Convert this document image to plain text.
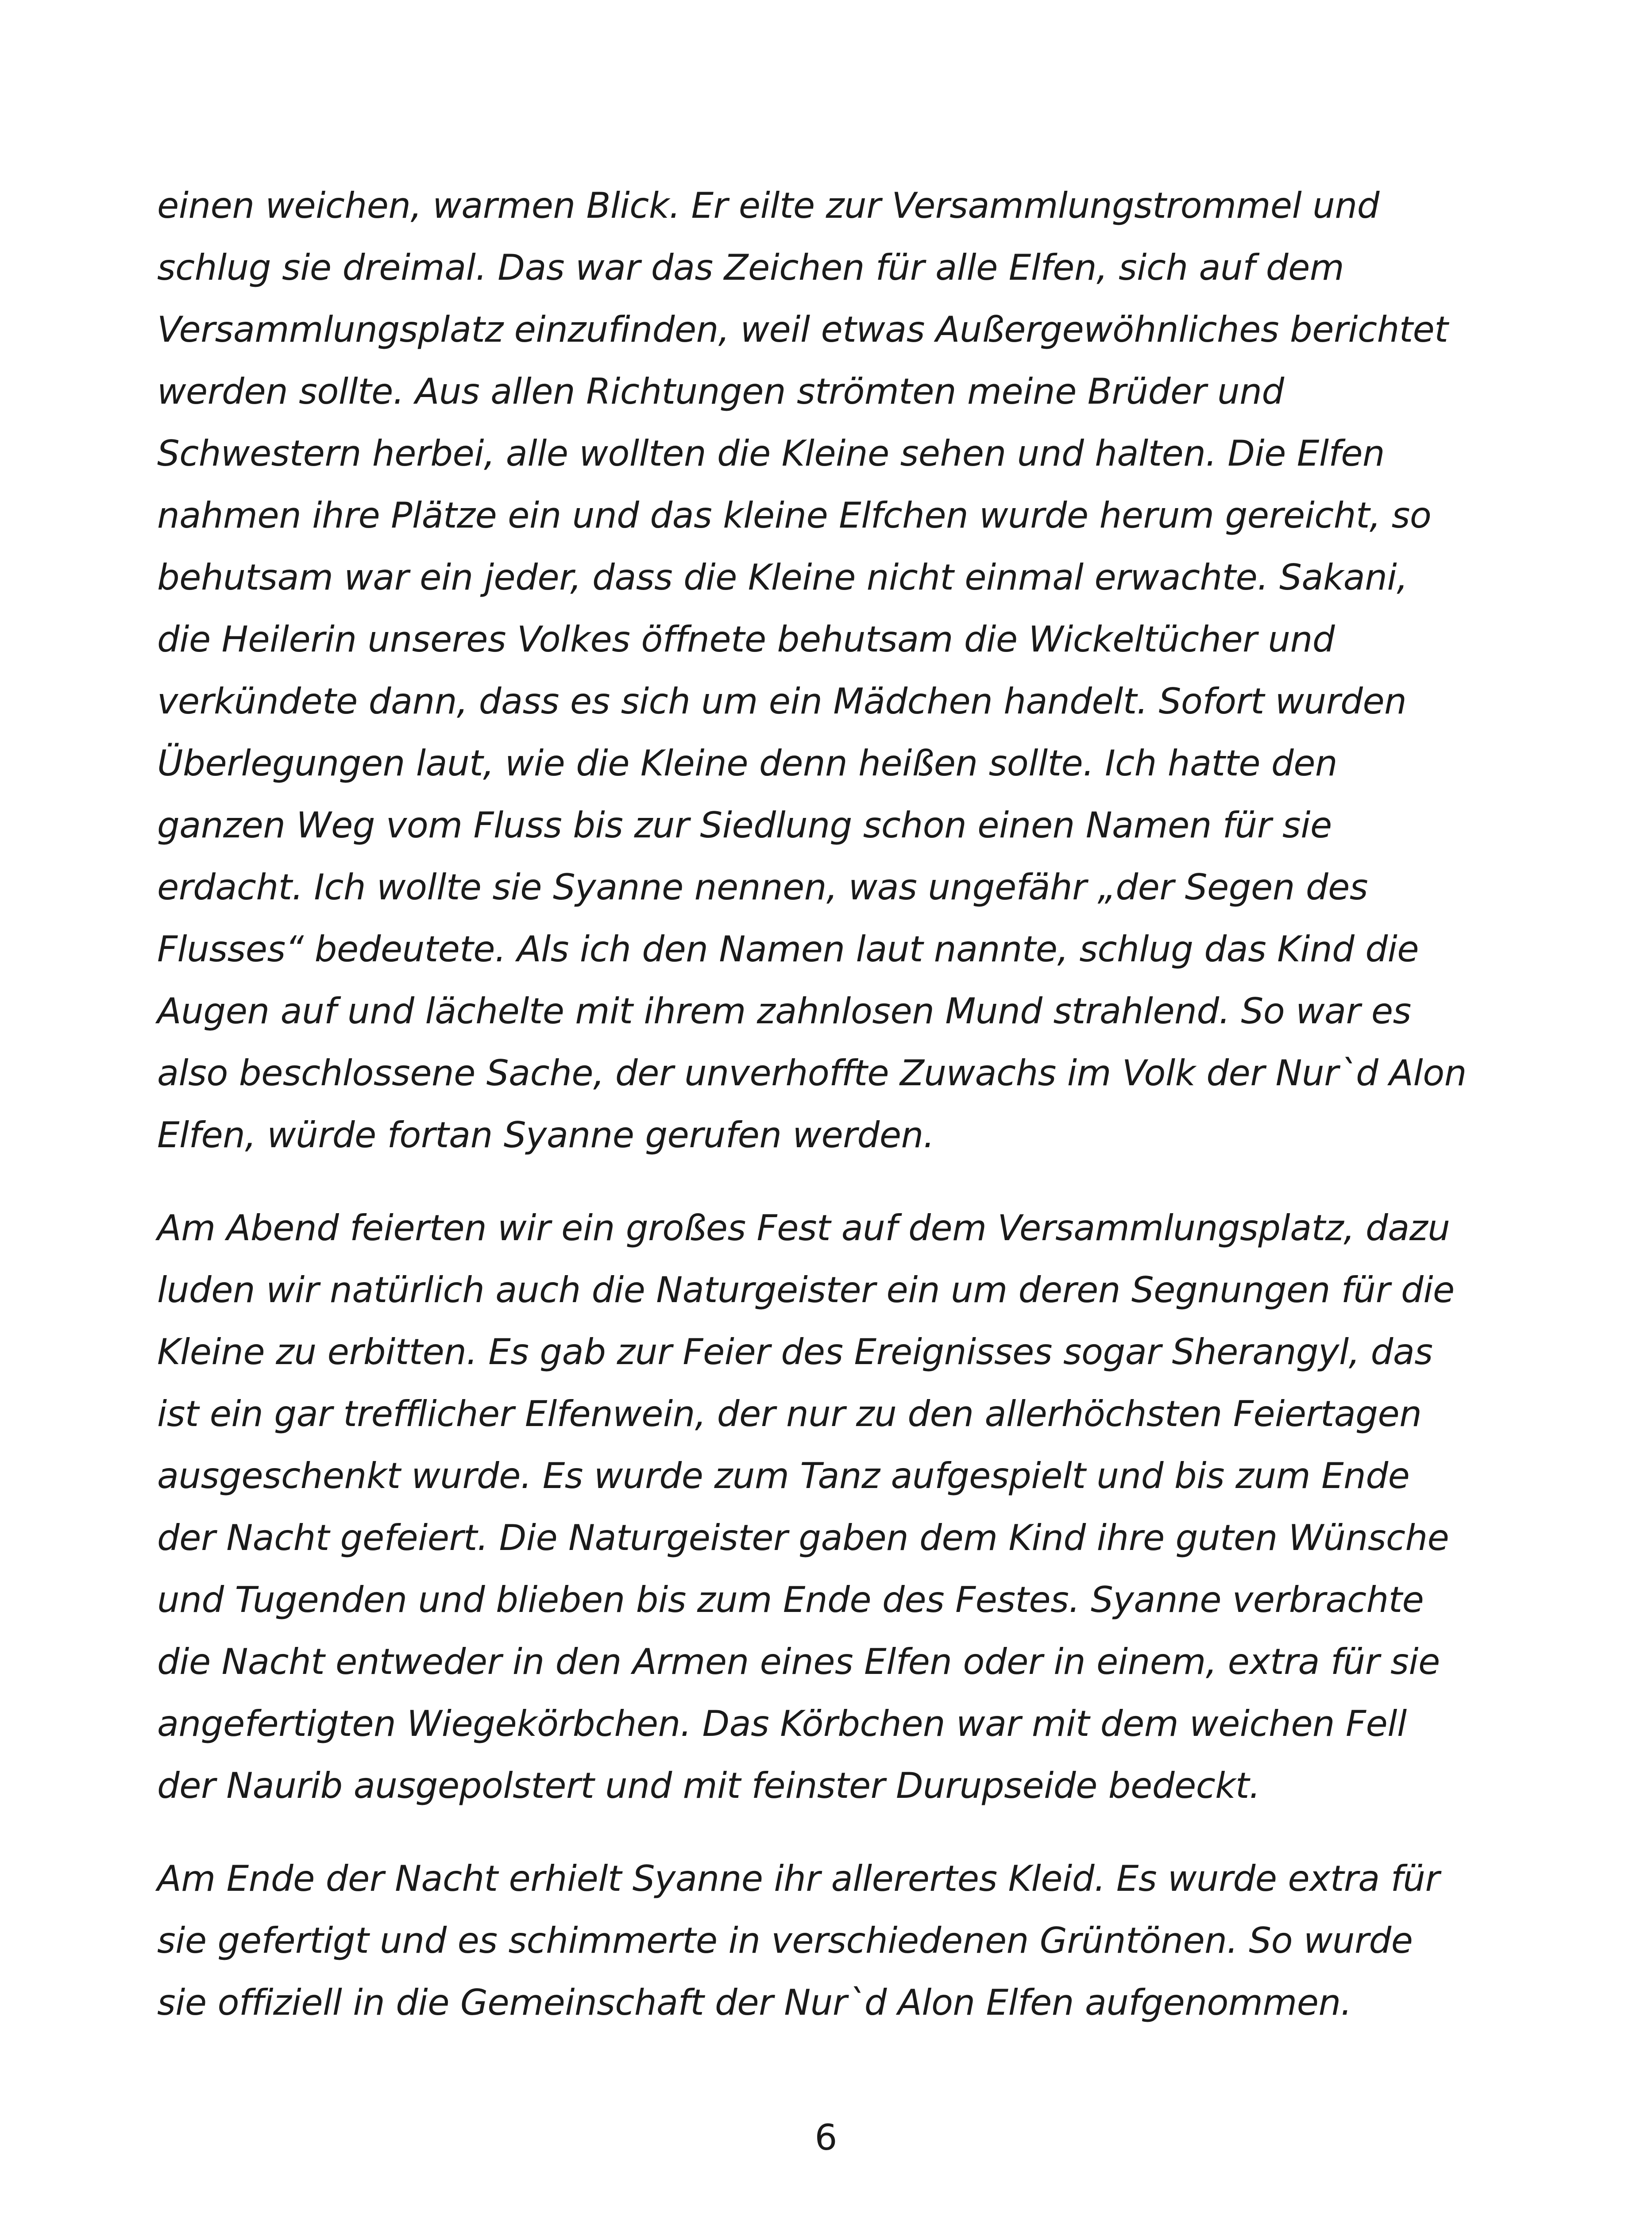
einen weichen, warmen Blick. Er eilte zur Versammlungstrommel und
schlug sie dreimal. Das war das Zeichen für alle Elfen, sich auf dem
Versammlungsplatz einzufinden, weil etwas Außergewöhnliches berichtet
werden sollte. Aus allen Richtungen strömten meine Brüder und
Schwestern herbei, alle wollten die Kleine sehen und halten. Die Elfen
nahmen ihre Plätze ein und das kleine Elfchen wurde herum gereicht, so
behutsam war ein jeder, dass die Kleine nicht einmal erwachte. Sakani,
die Heilerin unseres Volkes öffnete behutsam die Wickeltücher und
verkündete dann, dass es sich um ein Mädchen handelt. Sofort wurden
Überlegungen laut, wie die Kleine denn heißen sollte. Ich hatte den
ganzen Weg vom Fluss bis zur Siedlung schon einen Namen für sie
erdacht. Ich wollte sie Syanne nennen, was ungefähr „der Segen des
Flusses“ bedeutete. Als ich den Namen laut nannte, schlug das Kind die
Augen auf und lächelte mit ihrem zahnlosen Mund strahlend. So war es
also beschlossene Sache, der unverhoffte Zuwachs im Volk der Nur`d Alon
Elfen, würde fortan Syanne gerufen werden.

Am Abend feierten wir ein großes Fest auf dem Versammlungsplatz, dazu
luden wir natürlich auch die Naturgeister ein um deren Segnungen für die
Kleine zu erbitten. Es gab zur Feier des Ereignisses sogar Sherangyl, das
ist ein gar trefflicher Elfenwein, der nur zu den allerhöchsten Feiertagen
ausgeschenkt wurde. Es wurde zum Tanz aufgespielt und bis zum Ende
der Nacht gefeiert. Die Naturgeister gaben dem Kind ihre guten Wünsche
und Tugenden und blieben bis zum Ende des Festes. Syanne verbrachte
die Nacht entweder in den Armen eines Elfen oder in einem, extra für sie
angefertigten Wiegekörbchen. Das Körbchen war mit dem weichen Fell
der Naurib ausgepolstert und mit feinster Durupseide bedeckt.

Am Ende der Nacht erhielt Syanne ihr allerertes Kleid. Es wurde extra für
sie gefertigt und es schimmerte in verschiedenen Grüntönen. So wurde
sie offiziell in die Gemeinschaft der Nur`d Alon Elfen aufgenommen.

6
